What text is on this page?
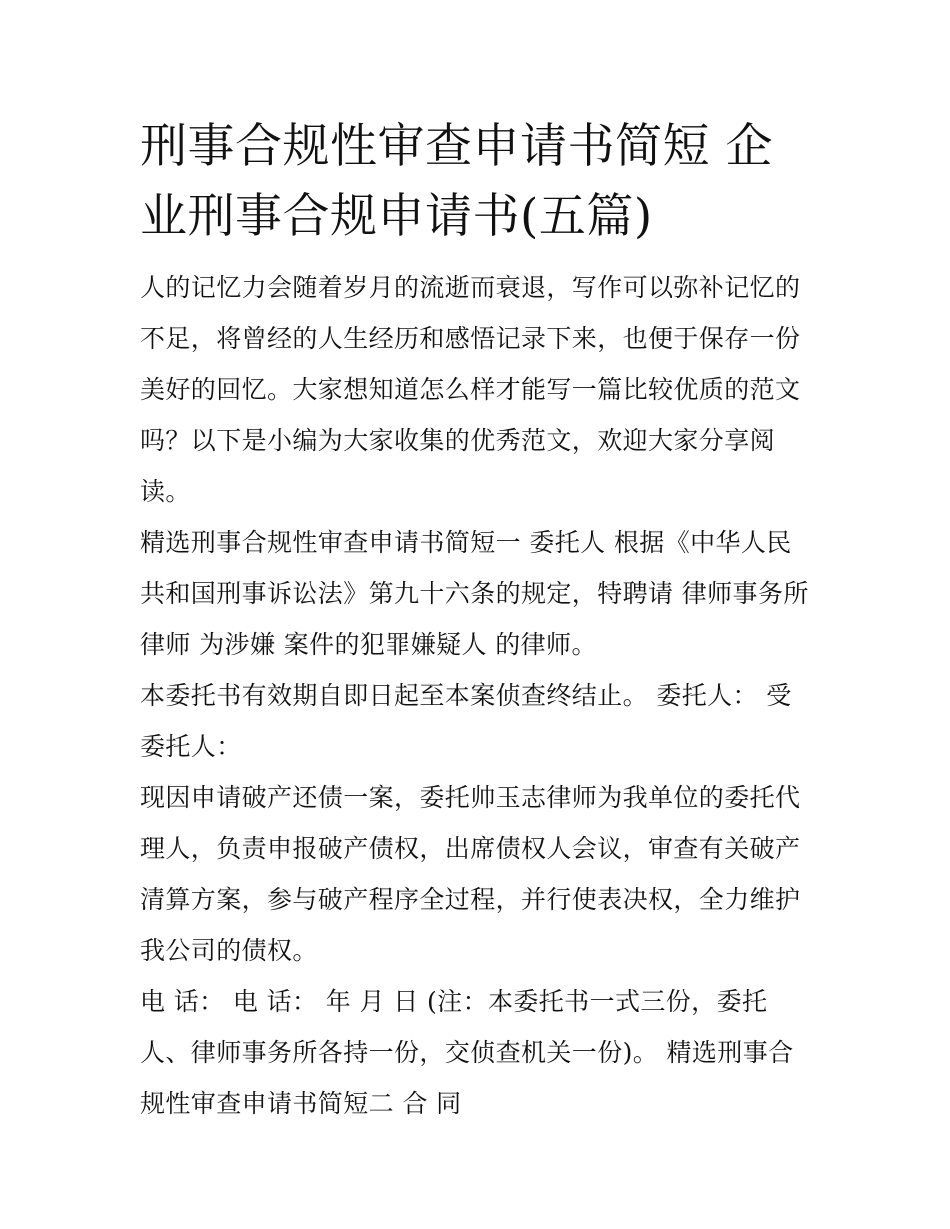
刑事合规性审查申请书简短 企业刑事合规申请书(五篇)

人的记忆力会随着岁月的流逝而衰退，写作可以弥补记忆的不足，将曾经的人生经历和感悟记录下来，也便于保存一份美好的回忆。大家想知道怎么样才能写一篇比较优质的范文吗？以下是小编为大家收集的优秀范文，欢迎大家分享阅读。

精选刑事合规性审查申请书简短一 委托人 根据《中华人民共和国刑事诉讼法》第九十六条的规定，特聘请 律师事务所律师 为涉嫌 案件的犯罪嫌疑人 的律师。

本委托书有效期自即日起至本案侦查终结止。 委托人： 受委托人：

现因申请破产还债一案，委托帅玉志律师为我单位的委托代理人，负责申报破产债权，出席债权人会议，审查有关破产清算方案，参与破产程序全过程，并行使表决权，全力维护我公司的债权。

电 话： 电 话： 年 月 日 (注：本委托书一式三份，委托人、律师事务所各持一份，交侦查机关一份)。 精选刑事合规性审查申请书简短二 合 同
